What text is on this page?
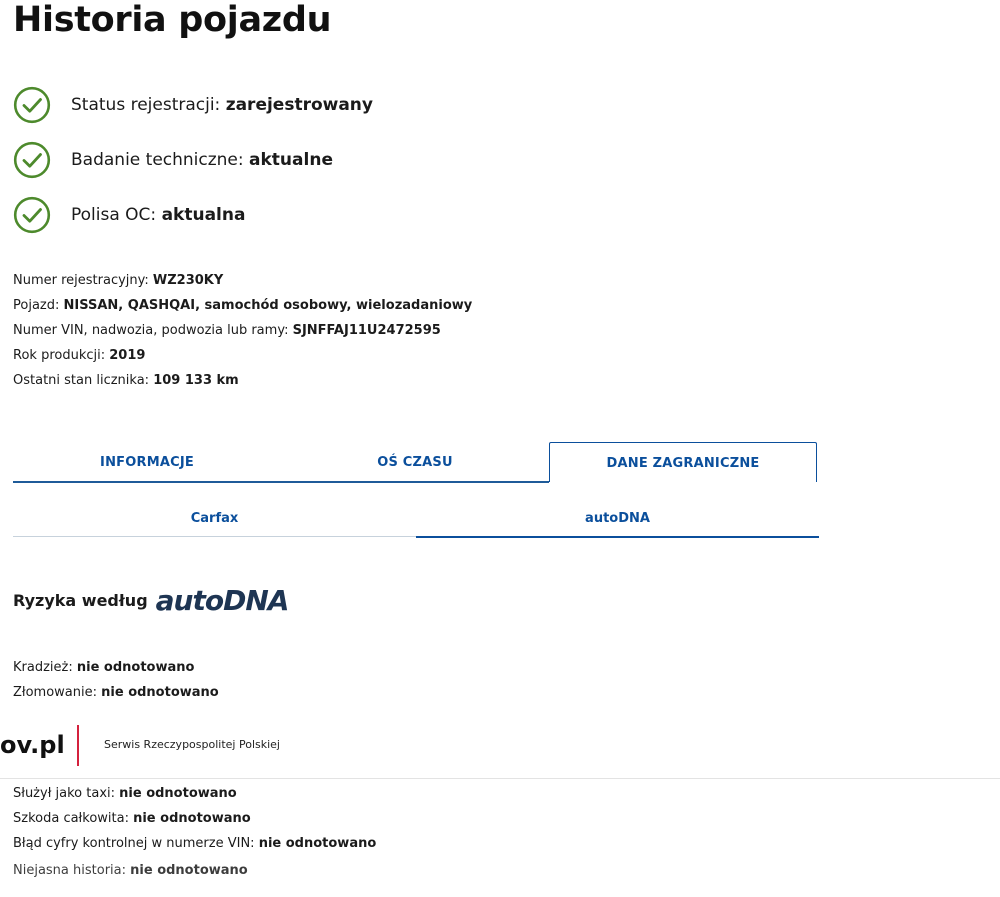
Historia pojazdu
Status rejestracji: zarejestrowany
Badanie techniczne: aktualne
Polisa OC: aktualna
Numer rejestracyjny: WZ230KY
Pojazd: NISSAN, QASHQAI, samochód osobowy, wielozadaniowy
Numer VIN, nadwozia, podwozia lub ramy: SJNFFAJ11U2472595
Rok produkcji: 2019
Ostatni stan licznika: 109 133 km
INFORMACJE	OŚ CZASU	DANE ZAGRANICZNE
Carfax	autoDNA
Ryzyka według autoDNA
Kradzież: nie odnotowano
Złomowanie: nie odnotowano
ov.pl	Serwis Rzeczypospolitej Polskiej
Służył jako taxi: nie odnotowano
Szkoda całkowita: nie odnotowano
Błąd cyfry kontrolnej w numerze VIN: nie odnotowano
Niejasna historia: nie odnotowano
